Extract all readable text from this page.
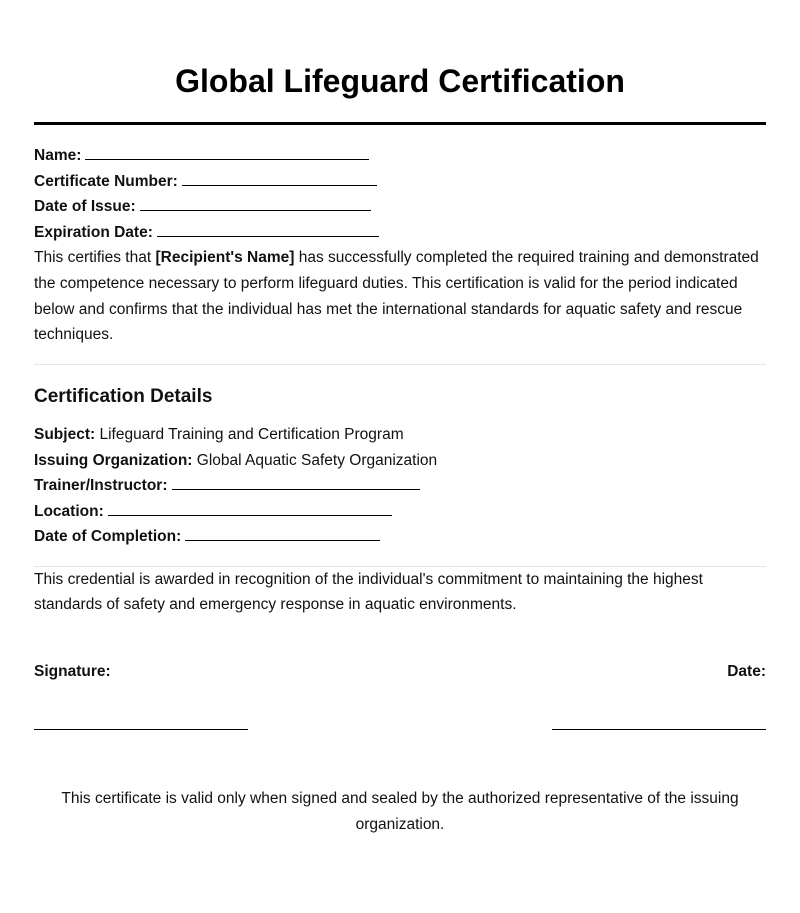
Global Lifeguard Certification
Name:
Certificate Number:
Date of Issue:
Expiration Date:

This certifies that [Recipient's Name] has successfully completed the required training and demonstrated the competence necessary to perform lifeguard duties. This certification is valid for the period indicated below and confirms that the individual has met the international standards for aquatic safety and rescue techniques.

Certification Details
Subject: Lifeguard Training and Certification Program
Issuing Organization: Global Aquatic Safety Organization
Trainer/Instructor:
Location:
Date of Completion:

This credential is awarded in recognition of the individual's commitment to maintaining the highest standards of safety and emergency response in aquatic environments.

Signature:	Date:

This certificate is valid only when signed and sealed by the authorized representative of the issuing organization.
